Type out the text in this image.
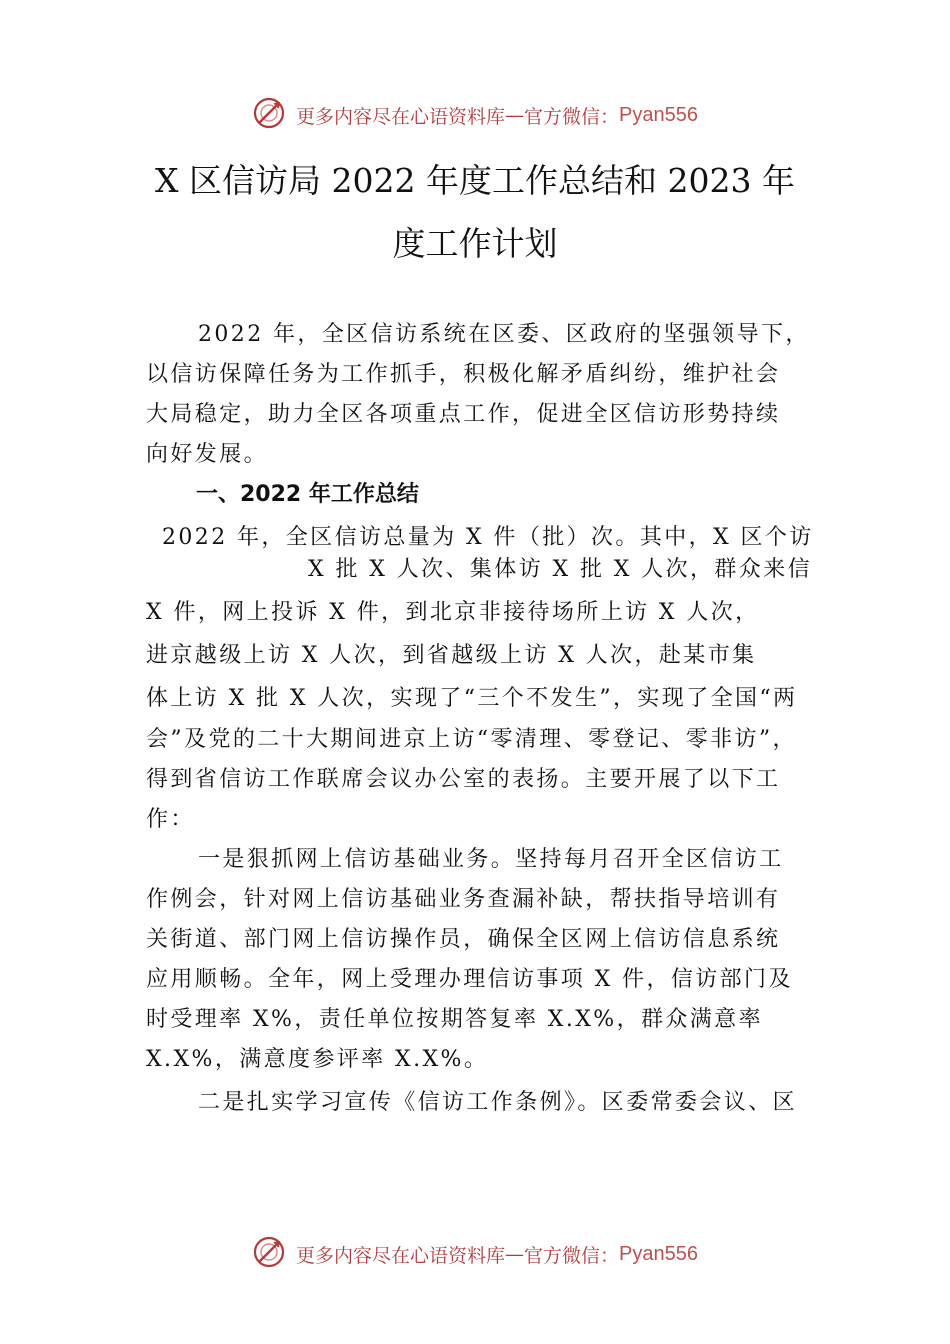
更多内容尽在心语资料库—官方微信：Pyan556
X 区信访局 2022 年度工作总结和 2023 年
度工作计划
2022 年，全区信访系统在区委、区政府的坚强领导下，
以信访保障任务为工作抓手，积极化解矛盾纠纷，维护社会
大局稳定，助力全区各项重点工作，促进全区信访形势持续
向好发展。
一、2022 年工作总结
2022 年，全区信访总量为 X 件（批）次。其中，X 区个访
X 批 X 人次、集体访 X 批 X 人次，群众来信
X 件，网上投诉 X 件，到北京非接待场所上访 X 人次，
进京越级上访 X 人次，到省越级上访 X 人次，赴某市集
体上访 X 批 X 人次，实现了“三个不发生”，实现了全国“两
会”及党的二十大期间进京上访“零清理、零登记、零非访”，
得到省信访工作联席会议办公室的表扬。主要开展了以下工
作：
一是狠抓网上信访基础业务。坚持每月召开全区信访工
作例会，针对网上信访基础业务查漏补缺，帮扶指导培训有
关街道、部门网上信访操作员，确保全区网上信访信息系统
应用顺畅。全年，网上受理办理信访事项 X 件，信访部门及
时受理率 X%，责任单位按期答复率 X.X%，群众满意率
X.X%，满意度参评率 X.X%。
二是扎实学习宣传《信访工作条例》。区委常委会议、区
更多内容尽在心语资料库—官方微信：Pyan556
